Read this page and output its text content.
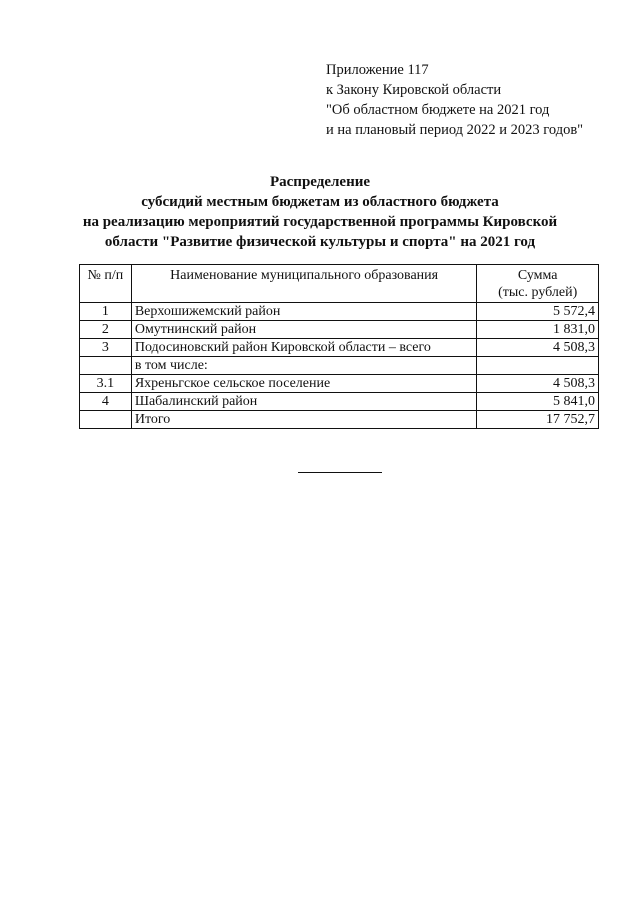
Приложение 117
к Закону Кировской области
"Об областном бюджете на 2021 год
и на плановый период 2022 и 2023 годов"
Распределение
субсидий местным бюджетам из областного бюджета
на реализацию мероприятий государственной программы Кировской
области "Развитие физической культуры и спорта" на 2021 год
№ п/п	Наименование муниципального образования	Сумма
(тыс. рублей)

1	Верхошижемский район	5 572,4
2	Омутнинский район	1 831,0
3	Подосиновский район Кировской области – всего	4 508,3
	в том числе:	
3.1	Яхреньгское сельское поселение	4 508,3
4	Шабалинский район	5 841,0
	Итого	17 752,7
